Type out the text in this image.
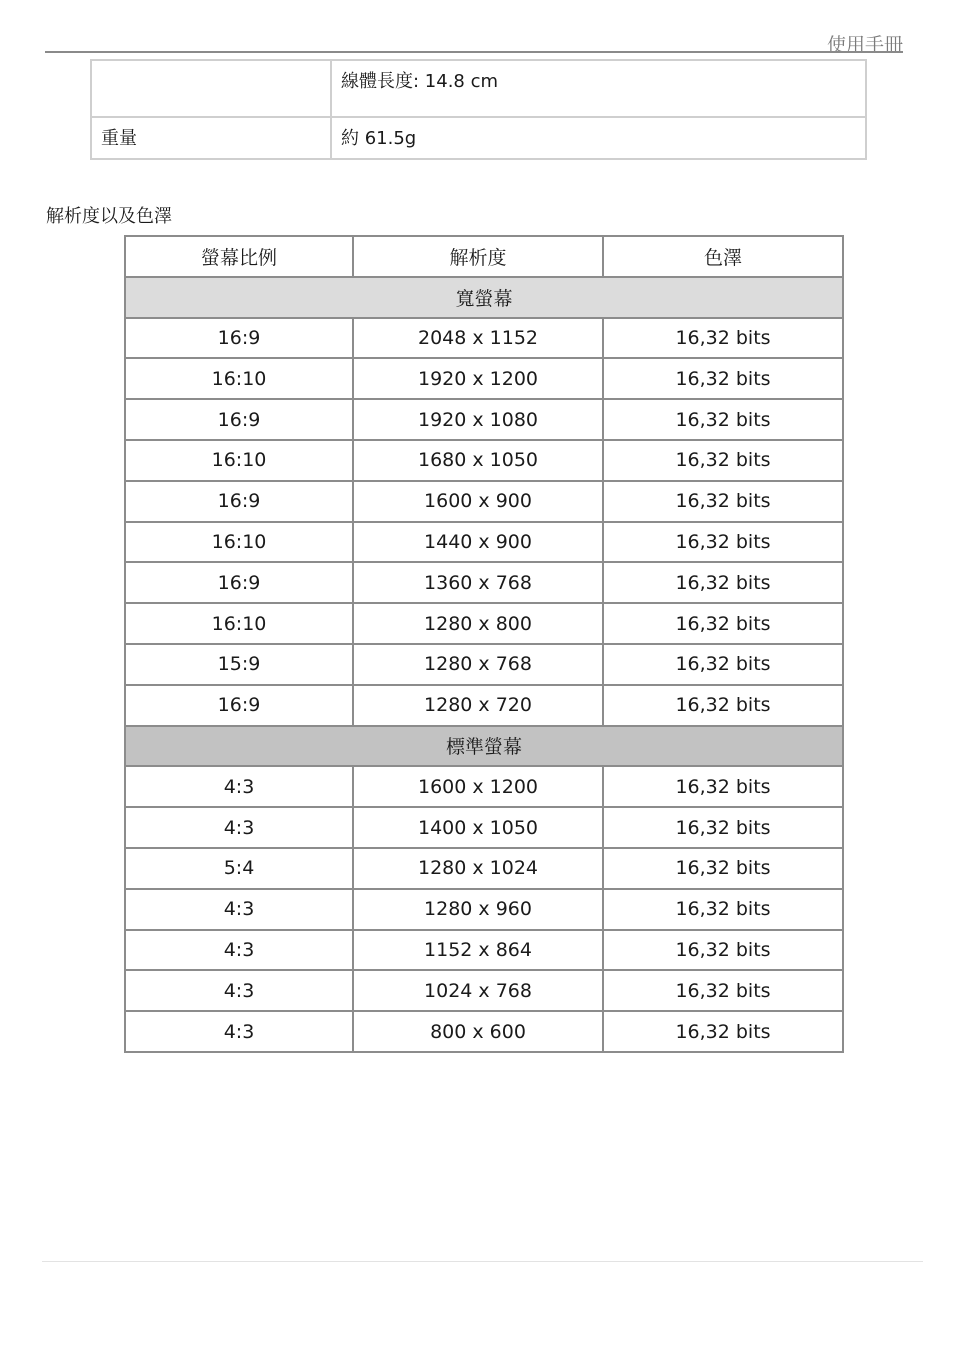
使用手冊
	線體長度: 14.8 cm
重量	約 61.5g
解析度以及色澤
螢幕比例	解析度	色澤
寬螢幕		
16:9	2048 x 1152	16,32 bits
16:10	1920 x 1200	16,32 bits
16:9	1920 x 1080	16,32 bits
16:10	1680 x 1050	16,32 bits
16:9	1600 x 900	16,32 bits
16:10	1440 x 900	16,32 bits
16:9	1360 x 768	16,32 bits
16:10	1280 x 800	16,32 bits
15:9	1280 x 768	16,32 bits
16:9	1280 x 720	16,32 bits
標準螢幕		
4:3	1600 x 1200	16,32 bits
4:3	1400 x 1050	16,32 bits
5:4	1280 x 1024	16,32 bits
4:3	1280 x 960	16,32 bits
4:3	1152 x 864	16,32 bits
4:3	1024 x 768	16,32 bits
4:3	800 x 600	16,32 bits
